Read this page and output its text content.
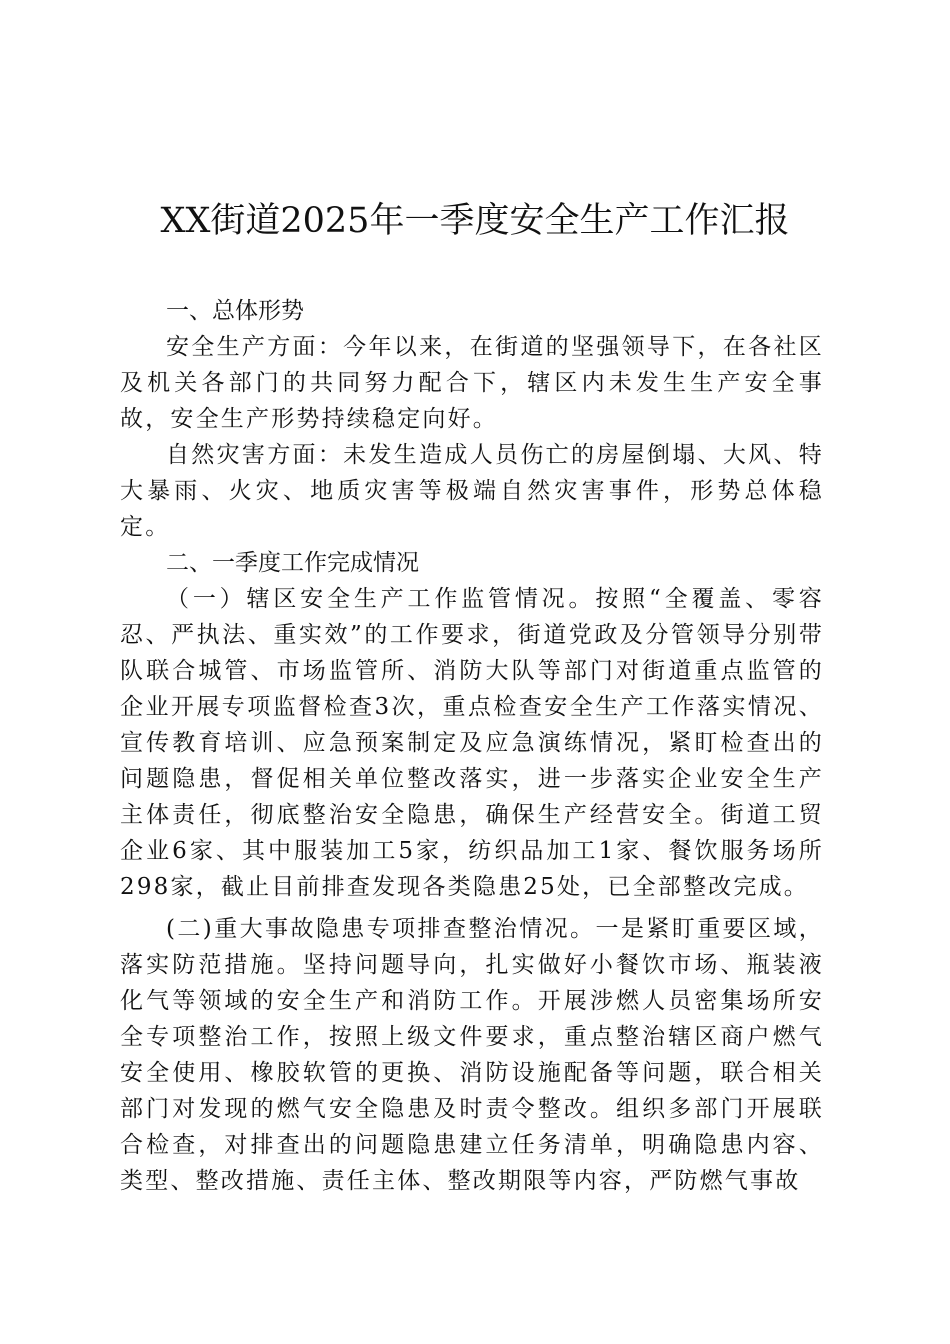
XX街道2025年一季度安全生产工作汇报

一、总体形势

安全生产方面：今年以来，在街道的坚强领导下，在各社区及机关各部门的共同努力配合下，辖区内未发生生产安全事故，安全生产形势持续稳定向好。

自然灾害方面：未发生造成人员伤亡的房屋倒塌、大风、特大暴雨、火灾、地质灾害等极端自然灾害事件，形势总体稳定。

二、一季度工作完成情况

（一）辖区安全生产工作监管情况。按照“全覆盖、零容忍、严执法、重实效”的工作要求，街道党政及分管领导分别带队联合城管、市场监管所、消防大队等部门对街道重点监管的企业开展专项监督检查3次，重点检查安全生产工作落实情况、宣传教育培训、应急预案制定及应急演练情况，紧盯检查出的问题隐患，督促相关单位整改落实，进一步落实企业安全生产主体责任，彻底整治安全隐患，确保生产经营安全。街道工贸企业6家、其中服装加工5家，纺织品加工1家、餐饮服务场所298家，截止目前排查发现各类隐患25处，已全部整改完成。

(二)重大事故隐患专项排查整治情况。一是紧盯重要区域，落实防范措施。坚持问题导向，扎实做好小餐饮市场、瓶装液化气等领域的安全生产和消防工作。开展涉燃人员密集场所安全专项整治工作，按照上级文件要求，重点整治辖区商户燃气安全使用、橡胶软管的更换、消防设施配备等问题，联合相关部门对发现的燃气安全隐患及时责令整改。组织多部门开展联合检查，对排查出的问题隐患建立任务清单，明确隐患内容、类型、整改措施、责任主体、整改期限等内容，严防燃气事故
